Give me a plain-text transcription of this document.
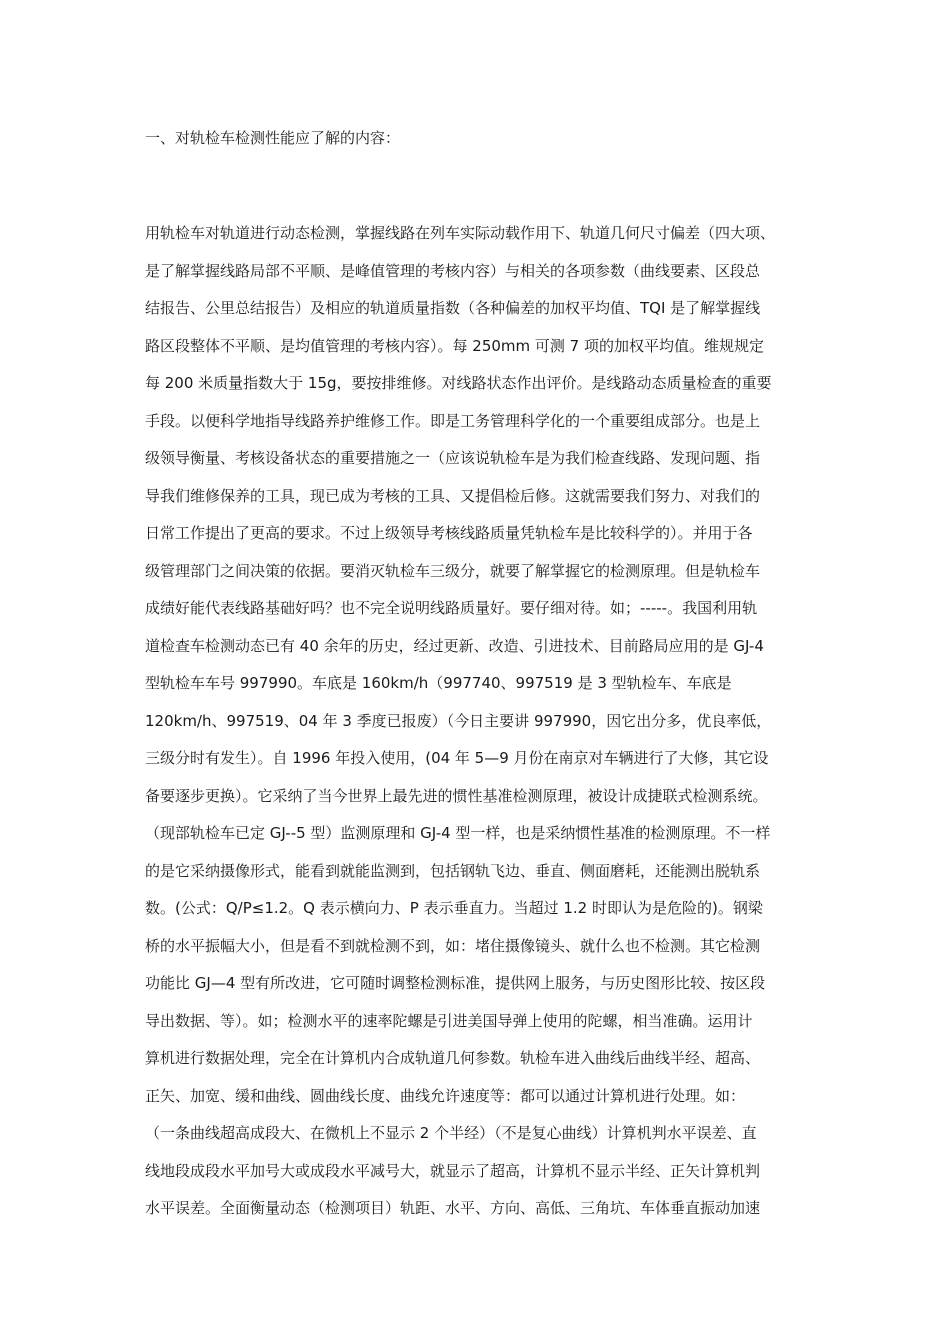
一、对轨检车检测性能应了解的内容：
用轨检车对轨道进行动态检测，掌握线路在列车实际动载作用下、轨道几何尺寸偏差（四大项、
是了解掌握线路局部不平顺、是峰值管理的考核内容）与相关的各项参数（曲线要素、区段总
结报告、公里总结报告）及相应的轨道质量指数（各种偏差的加权平均值、TQI 是了解掌握线
路区段整体不平顺、是均值管理的考核内容）。每 250mm 可测 7 项的加权平均值。维规规定
每 200 米质量指数大于 15g，要按排维修。对线路状态作出评价。是线路动态质量检查的重要
手段。以便科学地指导线路养护维修工作。即是工务管理科学化的一个重要组成部分。也是上
级领导衡量、考核设备状态的重要措施之一（应该说轨检车是为我们检查线路、发现问题、指
导我们维修保养的工具，现已成为考核的工具、又提倡检后修。这就需要我们努力、对我们的
日常工作提出了更高的要求。不过上级领导考核线路质量凭轨检车是比较科学的）。并用于各
级管理部门之间决策的依据。要消灭轨检车三级分，就要了解掌握它的检测原理。但是轨检车
成绩好能代表线路基础好吗？也不完全说明线路质量好。要仔细对待。如；-----。我国利用轨
道检查车检测动态已有 40 余年的历史，经过更新、改造、引进技术、目前路局应用的是 GJ-4
型轨检车车号 997990。车底是 160km/h（997740、997519 是 3 型轨检车、车底是
120km/h、997519、04 年 3 季度已报废）（今日主要讲 997990，因它出分多，优良率低，
三级分时有发生）。自 1996 年投入使用，(04 年 5—9 月份在南京对车辆进行了大修，其它设
备要逐步更换）。它采纳了当今世界上最先进的惯性基准检测原理，被设计成捷联式检测系统。
（现部轨检车已定 GJ--5 型）监测原理和 GJ-4 型一样，也是采纳惯性基准的检测原理。不一样
的是它采纳摄像形式，能看到就能监测到，包括钢轨飞边、垂直、侧面磨耗，还能测出脱轨系
数。(公式：Q/P≤1.2。Q 表示横向力、P 表示垂直力。当超过 1.2 时即认为是危险的)。钢梁
桥的水平振幅大小，但是看不到就检测不到，如：堵住摄像镜头、就什么也不检测。其它检测
功能比 GJ—4 型有所改进，它可随时调整检测标准，提供网上服务，与历史图形比较、按区段
导出数据、等）。如；检测水平的速率陀螺是引进美国导弹上使用的陀螺，相当准确。运用计
算机进行数据处理，完全在计算机内合成轨道几何参数。轨检车进入曲线后曲线半经、超高、
正矢、加宽、缓和曲线、圆曲线长度、曲线允许速度等：都可以通过计算机进行处理。如：
（一条曲线超高成段大、在微机上不显示 2 个半经）（不是复心曲线）计算机判水平误差、直
线地段成段水平加号大或成段水平减号大，就显示了超高，计算机不显示半经、正矢计算机判
水平误差。全面衡量动态（检测项目）轨距、水平、方向、高低、三角坑、车体垂直振动加速
